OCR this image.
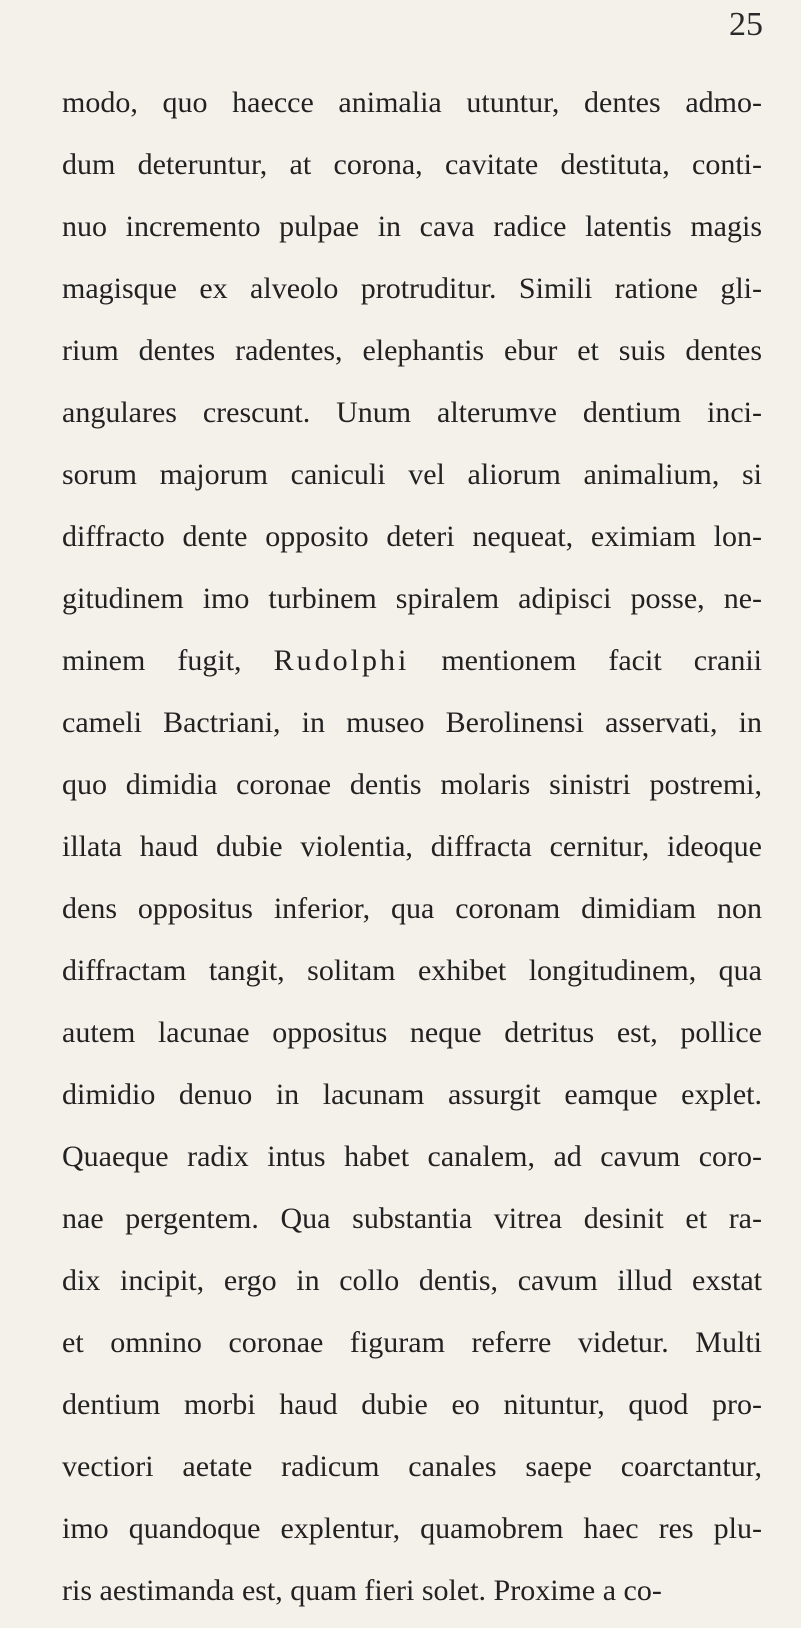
25
modo, quo haecce animalia utuntur, dentes admo-
dum deteruntur, at corona, cavitate destituta, conti-
nuo incremento pulpae in cava radice latentis magis
magisque ex alveolo protruditur. Simili ratione gli-
rium dentes radentes, elephantis ebur et suis dentes
angulares crescunt. Unum alterumve dentium inci-
sorum majorum caniculi vel aliorum animalium, si
diffracto dente opposito deteri nequeat, eximiam lon-
gitudinem imo turbinem spiralem adipisci posse, ne-
minem fugit, Rudolphi mentionem facit cranii
cameli Bactriani, in museo Berolinensi asservati, in
quo dimidia coronae dentis molaris sinistri postremi,
illata haud dubie violentia, diffracta cernitur, ideoque
dens oppositus inferior, qua coronam dimidiam non
diffractam tangit, solitam exhibet longitudinem, qua
autem lacunae oppositus neque detritus est, pollice
dimidio denuo in lacunam assurgit eamque explet.
Quaeque radix intus habet canalem, ad cavum coro-
nae pergentem. Qua substantia vitrea desinit et ra-
dix incipit, ergo in collo dentis, cavum illud exstat
et omnino coronae figuram referre videtur. Multi
dentium morbi haud dubie eo nituntur, quod pro-
vectiori aetate radicum canales saepe coarctantur,
imo quandoque explentur, quamobrem haec res plu-
ris aestimanda est, quam fieri solet. Proxime a co-
